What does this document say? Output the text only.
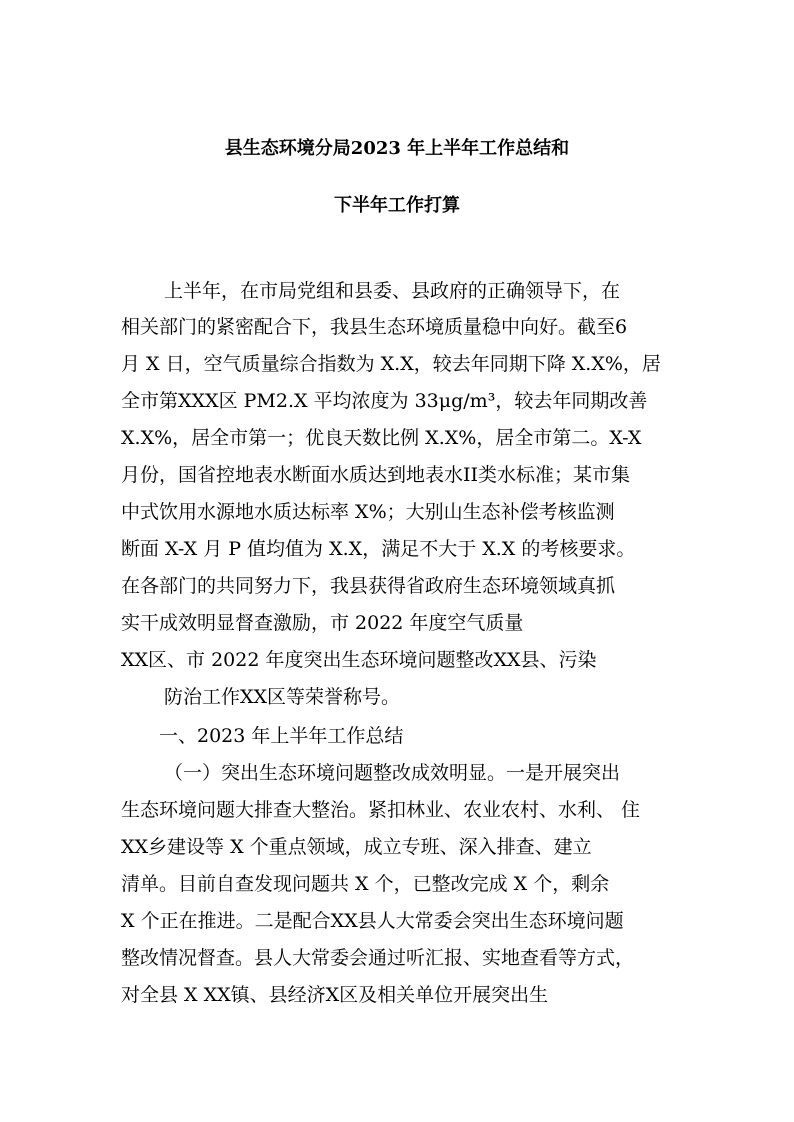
县生态环境分局2023 年上半年工作总结和
下半年工作打算
上半年，在市局党组和县委、县政府的正确领导下，在
相关部门的紧密配合下，我县生态环境质量稳中向好。截至6
月 X 日，空气质量综合指数为 X.X，较去年同期下降 X.X%，居
全市第XXX区 PM2.X 平均浓度为 33μg/m³，较去年同期改善
X.X%，居全市第一；优良天数比例 X.X%，居全市第二。X-X
月份，国省控地表水断面水质达到地表水II类水标准；某市集
中式饮用水源地水质达标率 X%；大别山生态补偿考核监测
断面 X-X 月 P 值均值为 X.X，满足不大于 X.X 的考核要求。
在各部门的共同努力下，我县获得省政府生态环境领域真抓
实干成效明显督查激励，市 2022 年度空气质量
XX区、市 2022 年度突出生态环境问题整改XX县、污染
防治工作XX区等荣誉称号。
一、2023 年上半年工作总结
（一）突出生态环境问题整改成效明显。一是开展突出
生态环境问题大排查大整治。紧扣林业、农业农村、水利、 住
XX乡建设等 X 个重点领域，成立专班、深入排查、建立
清单。目前自查发现问题共 X 个，已整改完成 X 个，剩余
X 个正在推进。二是配合XX县人大常委会突出生态环境问题
整改情况督查。县人大常委会通过听汇报、实地查看等方式，
对全县 X XX镇、县经济X区及相关单位开展突出生
